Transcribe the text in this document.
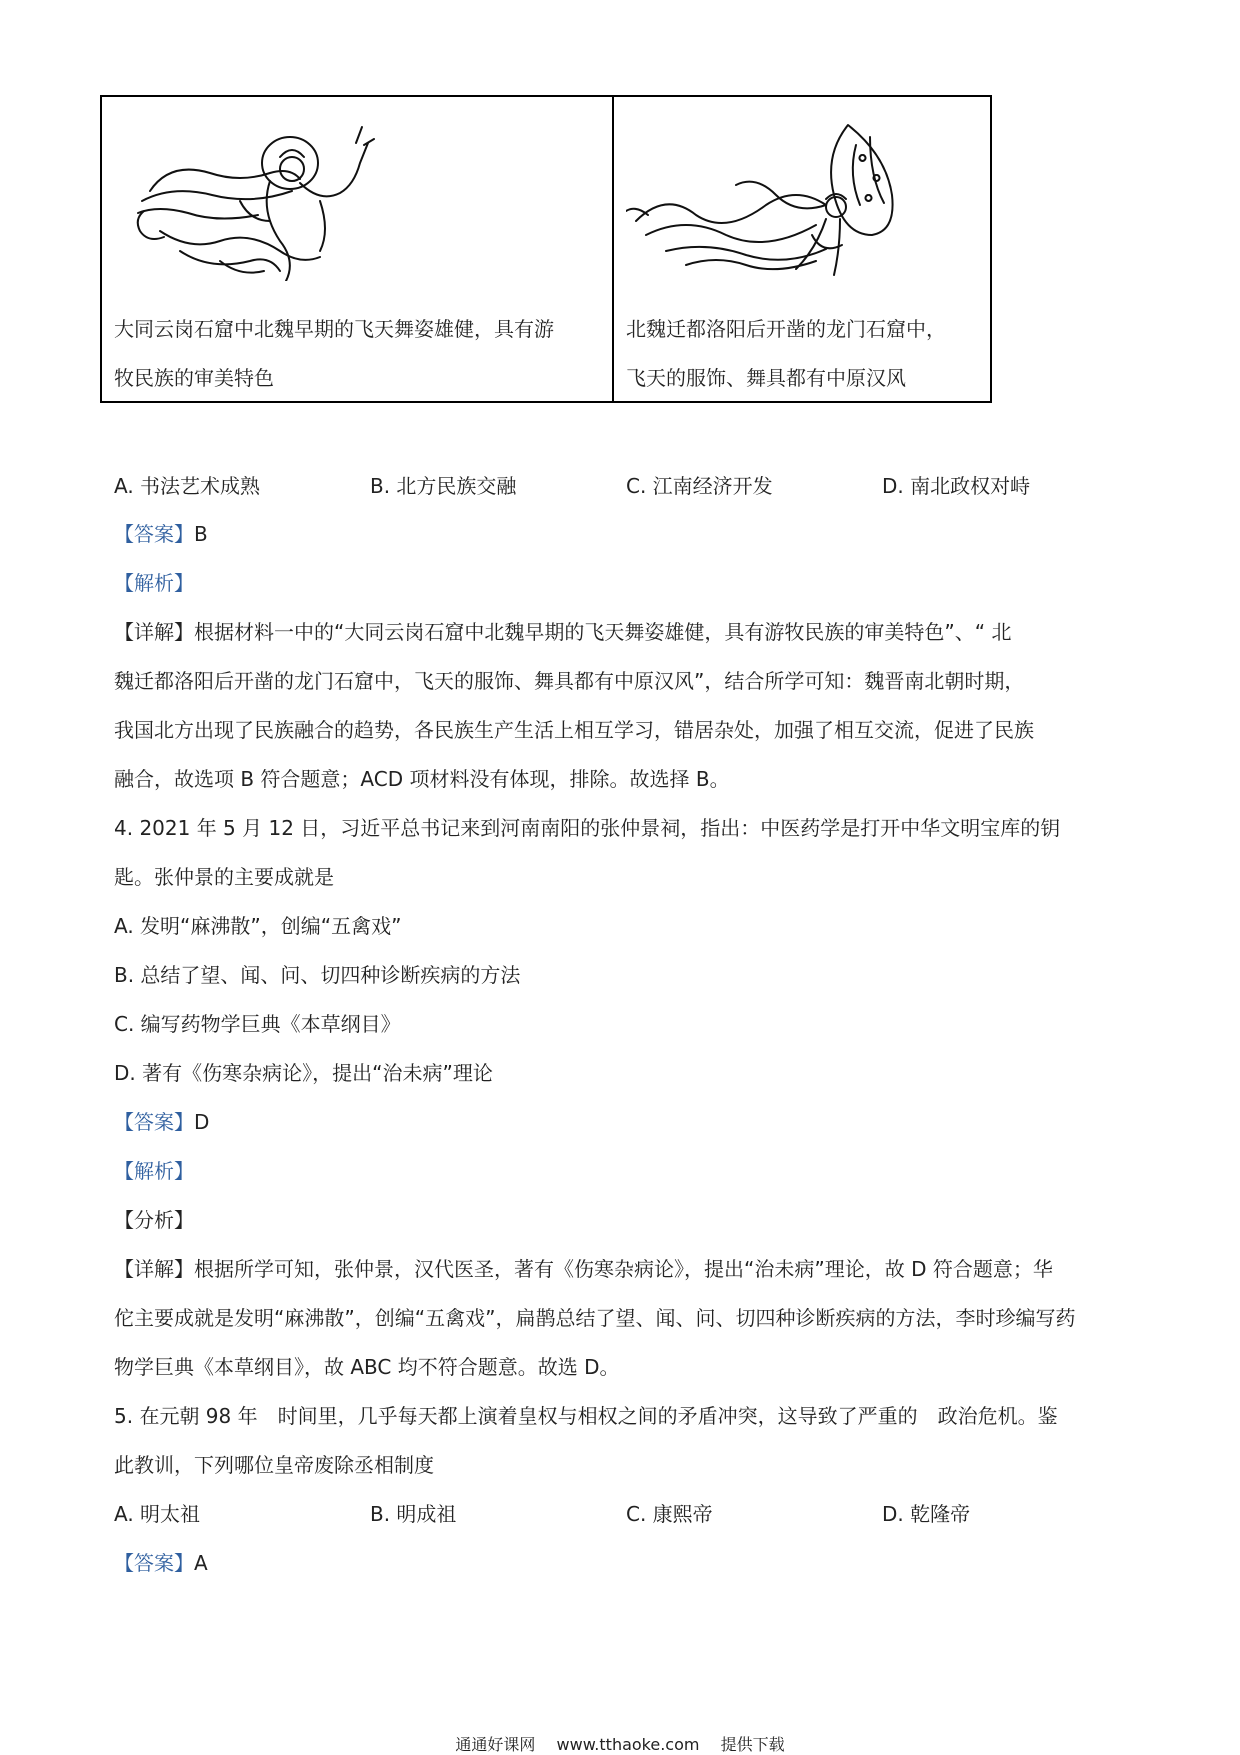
大同云岗石窟中北魏早期的飞天舞姿雄健，具有游
牧民族的审美特色
北魏迁都洛阳后开凿的龙门石窟中，
飞天的服饰、舞具都有中原汉风
A. 书法艺术成熟	B. 北方民族交融	C. 江南经济开发	D. 南北政权对峙
【答案】B
【解析】
【详解】根据材料一中的“大同云岗石窟中北魏早期的飞天舞姿雄健，具有游牧民族的审美特色”、“ 北
魏迁都洛阳后开凿的龙门石窟中，飞天的服饰、舞具都有中原汉风”，结合所学可知：魏晋南北朝时期，
我国北方出现了民族融合的趋势，各民族生产生活上相互学习，错居杂处，加强了相互交流，促进了民族
融合，故选项 B 符合题意；ACD 项材料没有体现，排除。故选择 B。
4. 2021 年 5 月 12 日，习近平总书记来到河南南阳的张仲景祠，指出：中医药学是打开中华文明宝库的钥
匙。张仲景的主要成就是
A. 发明“麻沸散”，创编“五禽戏”
B. 总结了望、闻、问、切四种诊断疾病的方法
C. 编写药物学巨典《本草纲目》
D. 著有《伤寒杂病论》，提出“治未病”理论
【答案】D
【解析】
【分析】
【详解】根据所学可知，张仲景，汉代医圣，著有《伤寒杂病论》，提出“治未病”理论，故 D 符合题意；华
佗主要成就是发明“麻沸散”，创编“五禽戏”，扁鹊总结了望、闻、问、切四种诊断疾病的方法，李时珍编写药
物学巨典《本草纲目》，故 ABC 均不符合题意。故选 D。
5. 在元朝 98 年　时间里，几乎每天都上演着皇权与相权之间的矛盾冲突，这导致了严重的　政治危机。鉴
此教训，下列哪位皇帝废除丞相制度
A. 明太祖	B. 明成祖	C. 康熙帝	D. 乾隆帝
【答案】A
通通好课网 www.tthaoke.com 提供下载
